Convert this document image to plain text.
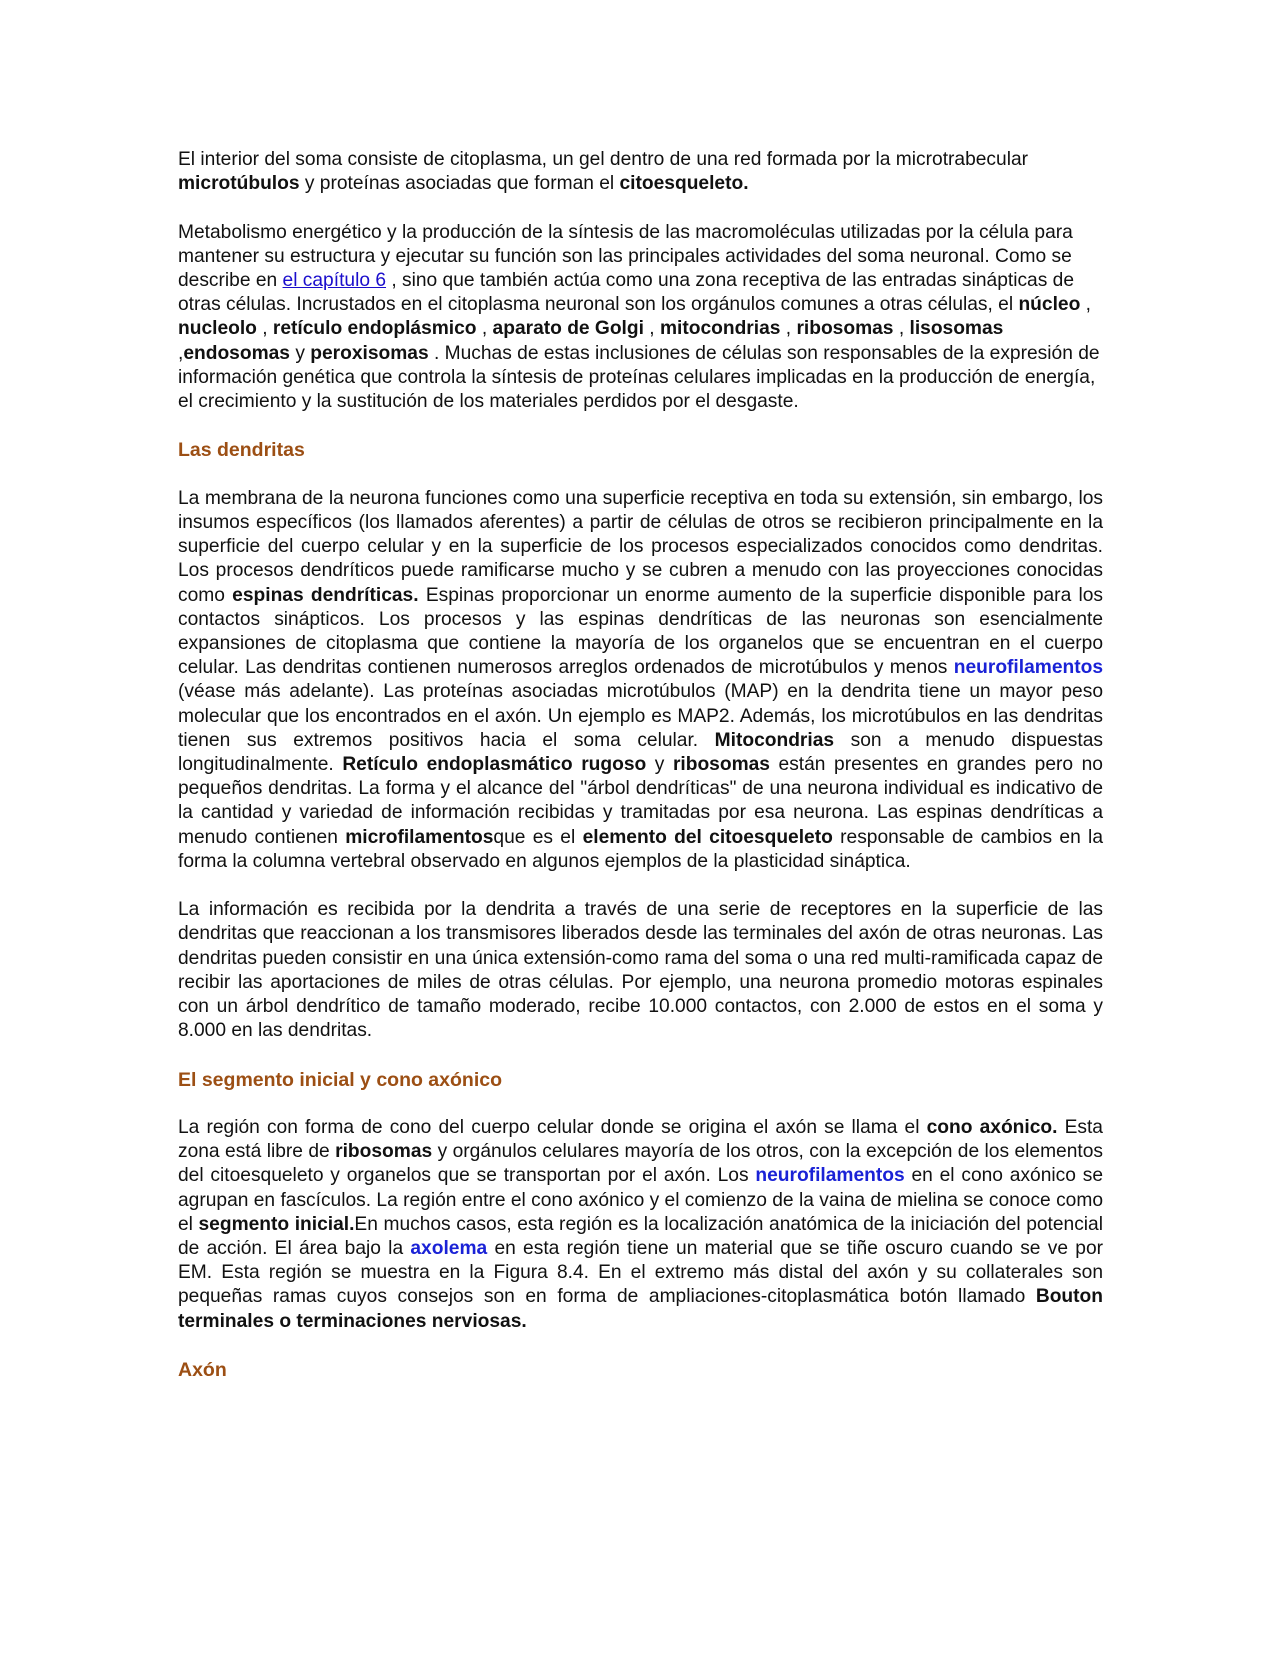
El interior del soma consiste de citoplasma, un gel dentro de una red formada por la microtrabecular microtúbulos y proteínas asociadas que forman el citoesqueleto.

Metabolismo energético y la producción de la síntesis de las macromoléculas utilizadas por la célula para mantener su estructura y ejecutar su función son las principales actividades del soma neuronal. Como se describe en el capítulo 6 , sino que también actúa como una zona receptiva de las entradas sinápticas de otras células. Incrustados en el citoplasma neuronal son los orgánulos comunes a otras células, el núcleo , nucleolo , retículo endoplásmico , aparato de Golgi , mitocondrias , ribosomas , lisosomas ,endosomas y peroxisomas . Muchas de estas inclusiones de células son responsables de la expresión de información genética que controla la síntesis de proteínas celulares implicadas en la producción de energía, el crecimiento y la sustitución de los materiales perdidos por el desgaste.

Las dendritas

La membrana de la neurona funciones como una superficie receptiva en toda su extensión, sin embargo, los insumos específicos (los llamados aferentes) a partir de células de otros se recibieron principalmente en la superficie del cuerpo celular y en la superficie de los procesos especializados conocidos como dendritas. Los procesos dendríticos puede ramificarse mucho y se cubren a menudo con las proyecciones conocidas como espinas dendríticas. Espinas proporcionar un enorme aumento de la superficie disponible para los contactos sinápticos. Los procesos y las espinas dendríticas de las neuronas son esencialmente expansiones de citoplasma que contiene la mayoría de los organelos que se encuentran en el cuerpo celular. Las dendritas contienen numerosos arreglos ordenados de microtúbulos y menos neurofilamentos (véase más adelante). Las proteínas asociadas microtúbulos (MAP) en la dendrita tiene un mayor peso molecular que los encontrados en el axón. Un ejemplo es MAP2. Además, los microtúbulos en las dendritas tienen sus extremos positivos hacia el soma celular. Mitocondrias son a menudo dispuestas longitudinalmente. Retículo endoplasmático rugoso y ribosomas están presentes en grandes pero no pequeños dendritas. La forma y el alcance del "árbol dendríticas" de una neurona individual es indicativo de la cantidad y variedad de información recibidas y tramitadas por esa neurona. Las espinas dendríticas a menudo contienen microfilamentosque es el elemento del citoesqueleto responsable de cambios en la forma la columna vertebral observado en algunos ejemplos de la plasticidad sináptica.

La información es recibida por la dendrita a través de una serie de receptores en la superficie de las dendritas que reaccionan a los transmisores liberados desde las terminales del axón de otras neuronas. Las dendritas pueden consistir en una única extensión-como rama del soma o una red multi-ramificada capaz de recibir las aportaciones de miles de otras células. Por ejemplo, una neurona promedio motoras espinales con un árbol dendrítico de tamaño moderado, recibe 10.000 contactos, con 2.000 de estos en el soma y 8.000 en las dendritas.

El segmento inicial y cono axónico

La región con forma de cono del cuerpo celular donde se origina el axón se llama el cono axónico. Esta zona está libre de ribosomas y orgánulos celulares mayoría de los otros, con la excepción de los elementos del citoesqueleto y organelos que se transportan por el axón. Los neurofilamentos en el cono axónico se agrupan en fascículos. La región entre el cono axónico y el comienzo de la vaina de mielina se conoce como el segmento inicial.En muchos casos, esta región es la localización anatómica de la iniciación del potencial de acción. El área bajo la axolema en esta región tiene un material que se tiñe oscuro cuando se ve por EM. Esta región se muestra en la Figura 8.4. En el extremo más distal del axón y su collaterales son pequeñas ramas cuyos consejos son en forma de ampliaciones-citoplasmática botón llamado Bouton terminales o terminaciones nerviosas.

Axón
